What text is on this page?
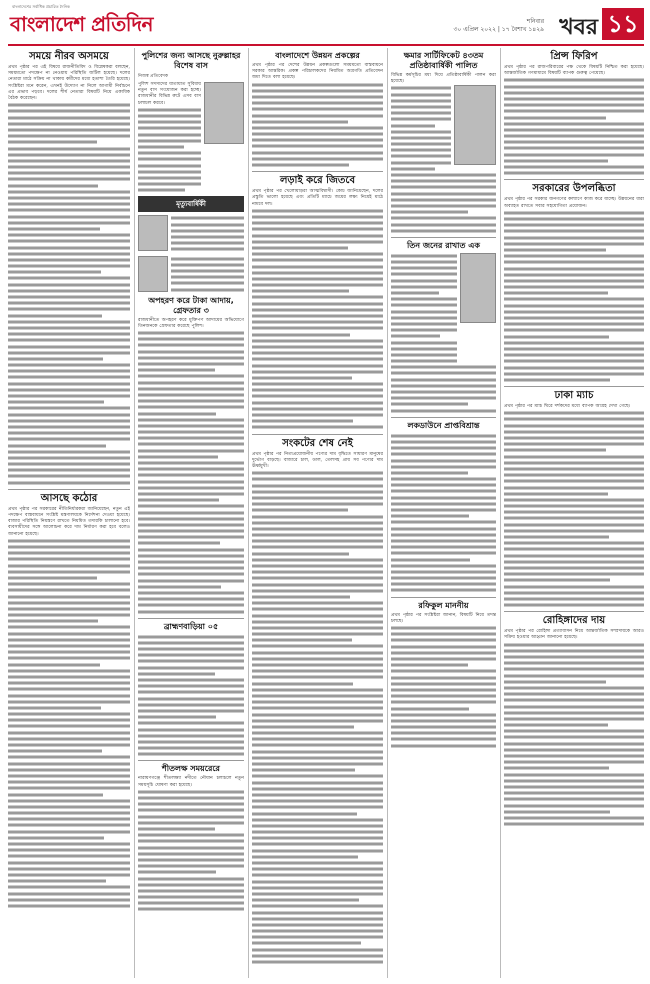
বাংলাদেশের সর্বাধিক প্রচারিত দৈনিক
বাংলাদেশ প্রতিদিন	শনিবার
৩০ এপ্রিল ২০২২ | ১৭ বৈশাখ ১৪২৯ খবর ১১
সময়ে নীরব অসময়ে
প্রথম পৃষ্ঠার পর এই বিষয়ে রাজনীতিবিদ ও বিশ্লেষকরা বলছেন, সময়মতো পদক্ষেপ না নেওয়ায় পরিস্থিতি জটিল হয়েছে। দলের নেতারা মাঠে সক্রিয় না থাকায় কর্মীদের মধ্যে হতাশা তৈরি হয়েছে। সংশ্লিষ্টরা মনে করেন, এখনই উদ্যোগ না নিলে আগামী নির্বাচনে এর প্রভাব পড়বে। দলের শীর্ষ নেতারা বিষয়টি নিয়ে একাধিক বৈঠক করেছেন।
আসছে কঠোর
প্রথম পৃষ্ঠার পর সরকারের নীতিনির্ধারকরা জানিয়েছেন, নতুন এই পদক্ষেপ বাস্তবায়নে সংশ্লিষ্ট মন্ত্রণালয়কে নির্দেশনা দেওয়া হয়েছে। বাজার পরিস্থিতি নিয়ন্ত্রণে রাখতে নিয়মিত তদারকি চালানো হবে। ব্যবসায়ীদের সঙ্গে আলোচনা করে দাম নির্ধারণ করা হবে বলেও জানানো হয়েছে।
পুলিশের জন্য আসছে নুরুল্লাহর বিশেষ বাস
নিজস্ব প্রতিবেদক
পুলিশ সদস্যদের যাতায়াত সুবিধায় নতুন বাস সংযোজন করা হচ্ছে। রাজধানীর বিভিন্ন রুটে এসব বাস চলাচল করবে।
মৃত্যুবার্ষিকী
অপহরণ করে টাকা আদায়, গ্রেফতার ৩
রাজধানীতে অপহরণ করে মুক্তিপণ আদায়ের অভিযোগে তিনজনকে গ্রেফতার করেছে পুলিশ।
ব্রাহ্মণবাড়িয়া ০৫
শীতলক্ষ সময়রেরে
নারায়ণগঞ্জে শীতলক্ষ্যা নদীতে নৌযান চলাচলে নতুন সময়সূচি ঘোষণা করা হয়েছে।
বাংলাদেশে উন্নয়ন প্রকল্পের
প্রথম পৃষ্ঠার পর দেশের উন্নয়ন প্রকল্পগুলো সময়মতো বাস্তবায়নে সরকার আন্তরিক। প্রকল্প পরিচালকদের নিয়মিত অগ্রগতি প্রতিবেদন জমা দিতে বলা হয়েছে।
লড়াই করে জিতবে
প্রথম পৃষ্ঠার পর খেলোয়াড়রা আত্মবিশ্বাসী। কোচ জানিয়েছেন, দলের প্রস্তুতি ভালো হয়েছে এবং প্রতিটি ম্যাচে জয়ের লক্ষ্য নিয়েই মাঠে নামবে দল।
সংকটের শেষ নেই
প্রথম পৃষ্ঠার পর নিত্যপ্রয়োজনীয় পণ্যের দাম বৃদ্ধিতে সাধারণ মানুষের দুর্ভোগ বাড়ছে। বাজারে চাল, ডাল, তেলসহ প্রায় সব পণ্যের দাম ঊর্ধ্বমুখী।
ক্ষমার সার্টিফিকেট ৪৩তম প্রতিষ্ঠাবার্ষিকী পালিত
বিভিন্ন কর্মসূচির মধ্য দিয়ে প্রতিষ্ঠাবার্ষিকী পালন করা হয়েছে।
তিন জনের রাখাত এক
লকডাউনে প্রাপ্তবিশ্রান্ত
রফিকুল মাননীয়
প্রথম পৃষ্ঠার পর সংশ্লিষ্টরা জানান, বিষয়টি নিয়ে তদন্ত চলছে।
প্রিন্স ফিরিপ
প্রথম পৃষ্ঠার পর রাজপরিবারের পক্ষ থেকে বিষয়টি নিশ্চিত করা হয়েছে। আন্তর্জাতিক গণমাধ্যমে বিষয়টি ব্যাপক গুরুত্ব পেয়েছে।
সরকারের উপলব্ধিতা
প্রথম পৃষ্ঠার পর সরকার জনগণের কল্যাণে কাজ করে যাচ্ছে। উন্নয়নের ধারা অব্যাহত রাখতে সবার সহযোগিতা প্রয়োজন।
ঢাকা ম্যাচ
প্রথম পৃষ্ঠার পর ম্যাচ ঘিরে দর্শকদের মধ্যে ব্যাপক আগ্রহ দেখা গেছে।
রোহিঙ্গাদের দায়
প্রথম পৃষ্ঠার পর রোহিঙ্গা প্রত্যাবাসন নিয়ে আন্তর্জাতিক সম্প্রদায়কে আরও সক্রিয় হওয়ার আহ্বান জানানো হয়েছে।
